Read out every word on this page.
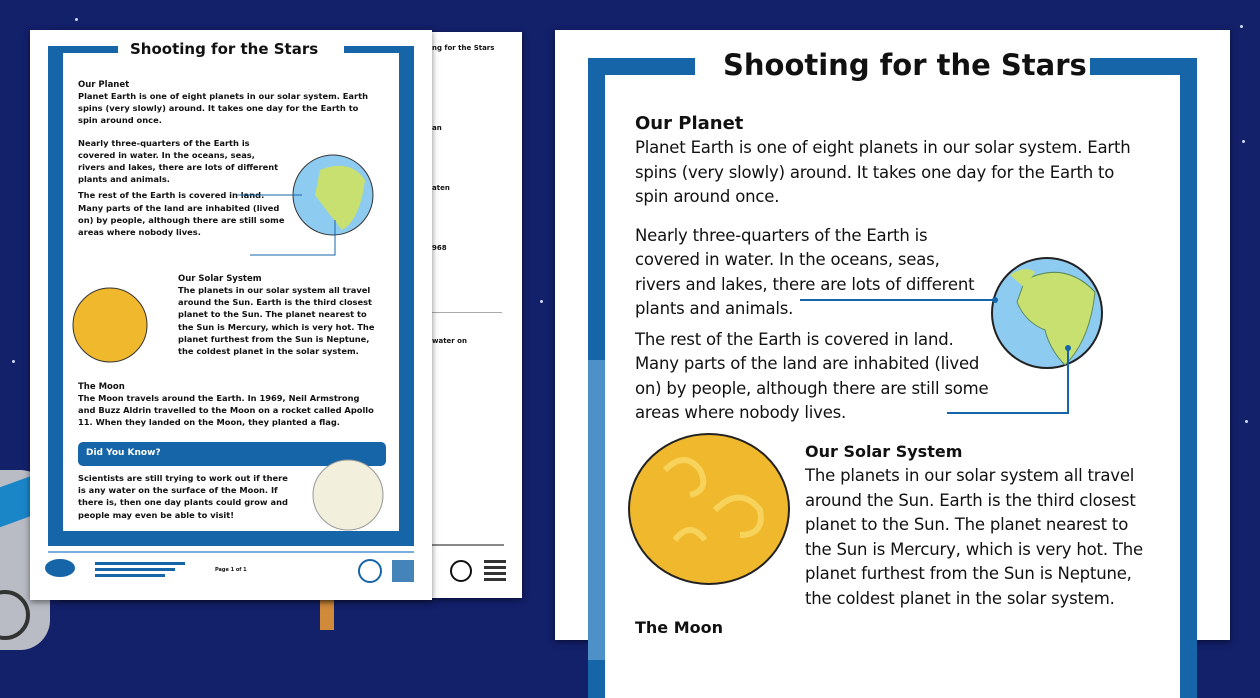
ng for the Stars
an
aten
968
water on
Shooting for the Stars
Our Planet

Planet Earth is one of eight planets in our solar system. Earth

spins (very slowly) around. It takes one day for the Earth to

spin around once.

Nearly three-quarters of the Earth is

covered in water. In the oceans, seas,

rivers and lakes, there are lots of different

plants and animals.

The rest of the Earth is covered in land.

Many parts of the land are inhabited (lived

on) by people, although there are still some

areas where nobody lives.

Our Solar System

The planets in our solar system all travel

around the Sun. Earth is the third closest

planet to the Sun. The planet nearest to

the Sun is Mercury, which is very hot. The

planet furthest from the Sun is Neptune,

the coldest planet in the solar system.

The Moon

The Moon travels around the Earth. In 1969, Neil Armstrong

and Buzz Aldrin travelled to the Moon on a rocket called Apollo

11. When they landed on the Moon, they planted a flag.

Did You Know?

Scientists are still trying to work out if there

is any water on the surface of the Moon. If

there is, then one day plants could grow and

people may even be able to visit!

Page 1 of 1
Shooting for the Stars
Our Planet

Planet Earth is one of eight planets in our solar system. Earth

spins (very slowly) around. It takes one day for the Earth to

spin around once.

Nearly three-quarters of the Earth is

covered in water. In the oceans, seas,

rivers and lakes, there are lots of different

plants and animals.

The rest of the Earth is covered in land.

Many parts of the land are inhabited (lived

on) by people, although there are still some

areas where nobody lives.

Our Solar System

The planets in our solar system all travel

around the Sun. Earth is the third closest

planet to the Sun. The planet nearest to

the Sun is Mercury, which is very hot. The

planet furthest from the Sun is Neptune,

the coldest planet in the solar system.

The Moon
